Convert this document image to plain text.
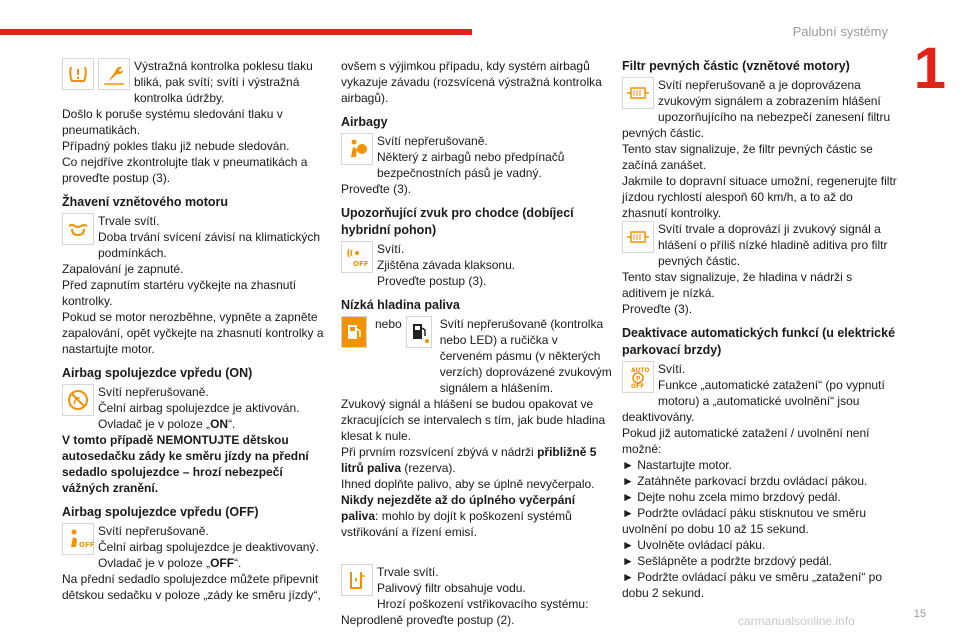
Palubní systémy
1
15
carmanualsonline.info

Výstražná kontrolka poklesu tlaku bliká, pak svítí; svítí i výstražná kontrolka údržby.

Došlo k poruše systému sledování tlaku v pneumatikách.

Případný pokles tlaku již nebude sledován.

Co nejdříve zkontrolujte tlak v pneumatikách a proveďte postup (3).

Žhavení vznětového motoru

Trvale svítí.

Doba trvání svícení závisí na klimatických podmínkách.

Zapalování je zapnuté.

Před zapnutím startéru vyčkejte na zhasnutí kontrolky.

Pokud se motor nerozběhne, vypněte a zapněte zapalování, opět vyčkejte na zhasnutí kontrolky a nastartujte motor.

Airbag spolujezdce vpředu (ON)

Svítí nepřerušovaně.

Čelní airbag spolujezdce je aktivován.

Ovladač je v poloze „ON“.

V tomto případě NEMONTUJTE dětskou autosedačku zády ke směru jízdy na přední sedadlo spolujezdce – hrozí nebezpečí vážných zranění.

Airbag spolujezdce vpředu (OFF)
OFF

Svítí nepřerušovaně.

Čelní airbag spolujezdce je deaktivovaný.

Ovladač je v poloze „OFF“.

Na přední sedadlo spolujezdce můžete připevnit dětskou sedačku v poloze „zády ke směru jízdy“,

ovšem s výjimkou případu, kdy systém airbagů vykazuje závadu (rozsvícená výstražná kontrolka airbagů).

Airbagy

Svítí nepřerušovaně.

Některý z airbagů nebo předpínačů bezpečnostních pásů je vadný.

Proveďte (3).

Upozorňující zvuk pro chodce (dobíjecí hybridní pohon)
OFF

Svítí.

Zjištěna závada klaksonu.

Proveďte postup (3).

Nízká hladina paliva
nebo	Svítí nepřerušovaně (kontrolka nebo LED) a ručička v červeném pásmu (v některých verzích) doprovázené zvukovým signálem a hlášením.

Zvukový signál a hlášení se budou opakovat ve zkracujících se intervalech s tím, jak bude hladina klesat k nule.

Při prvním rozsvícení zbývá v nádrži přibližně 5 litrů paliva (rezerva).

Ihned doplňte palivo, aby se úplně nevyčerpalo.

Nikdy nejezděte až do úplného vyčerpání paliva: mohlo by dojít k poškození systémů vstřikování a řízení emisí.

Trvale svítí.

Palivový filtr obsahuje vodu.

Hrozí poškození vstřikovacího systému: Neprodleně proveďte postup (2).

Filtr pevných částic (vznětové motory)

Svítí nepřerušovaně a je doprovázena zvukovým signálem a zobrazením hlášení upozorňujícího na nebezpečí zanesení filtru pevných částic.

Tento stav signalizuje, že filtr pevných částic se začíná zanášet.

Jakmile to dopravní situace umožní, regenerujte filtr jízdou rychlostí alespoň 60 km/h, a to až do zhasnutí kontrolky.

Svítí trvale a doprovází ji zvukový signál a hlášení o příliš nízké hladině aditiva pro filtr pevných částic.

Tento stav signalizuje, že hladina v nádrži s aditivem je nízká.

Proveďte (3).

Deaktivace automatických funkcí (u elektrické parkovací brzdy)
AUTO
P
OFF

Svítí.

Funkce „automatické zatažení“ (po vypnutí motoru) a „automatické uvolnění“ jsou deaktivovány.

Pokud již automatické zatažení / uvolnění není možné:

► Nastartujte motor.

► Zatáhněte parkovací brzdu ovládací pákou.

► Dejte nohu zcela mimo brzdový pedál.

► Podržte ovládací páku stisknutou ve směru uvolnění po dobu 10 až 15 sekund.

► Uvolněte ovládací páku.

► Sešlápněte a podržte brzdový pedál.

► Podržte ovládací páku ve směru „zatažení“ po dobu 2 sekund.
